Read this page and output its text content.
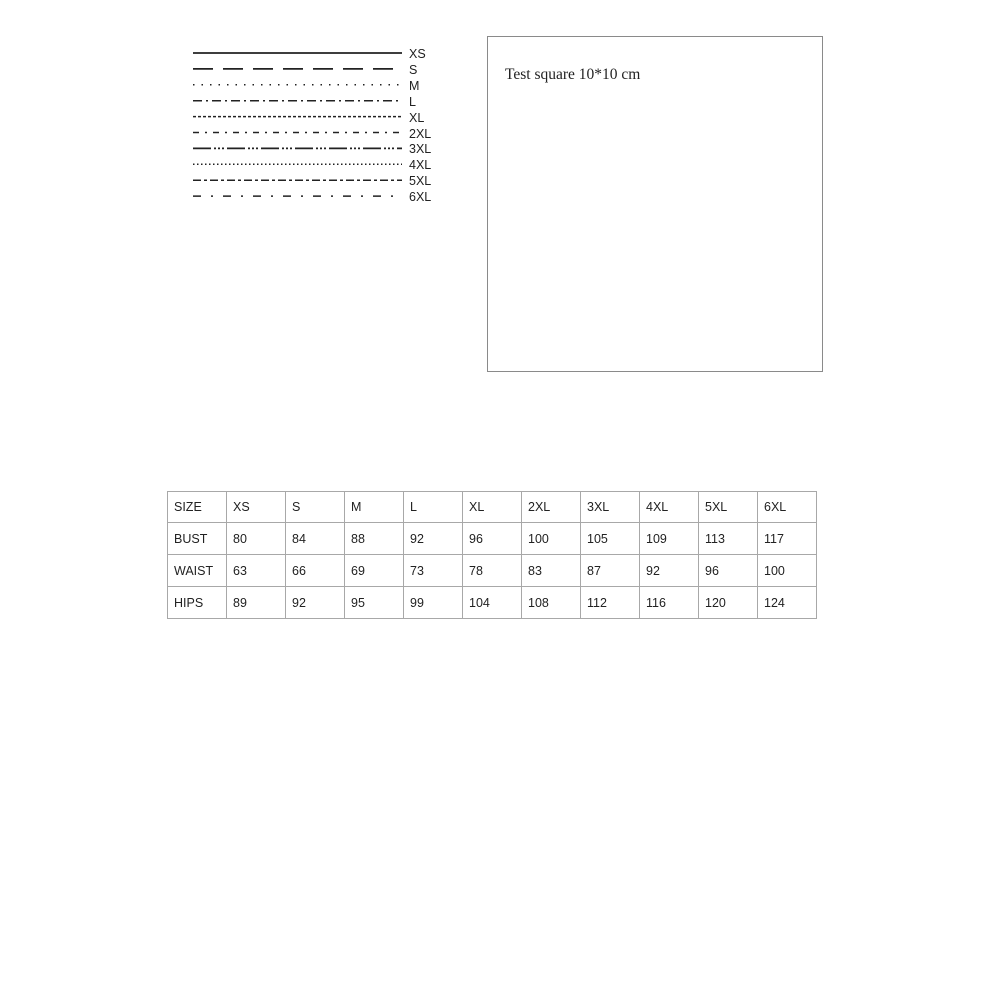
XS
S
M
L
XL
2XL
3XL
4XL
5XL
6XL
Test square 10*10 cm
SIZE	XS	S	M	L	XL	2XL	3XL	4XL	5XL	6XL
BUST	80	84	88	92	96	100	105	109	113	117
WAIST	63	66	69	73	78	83	87	92	96	100
HIPS	89	92	95	99	104	108	112	116	120	124
